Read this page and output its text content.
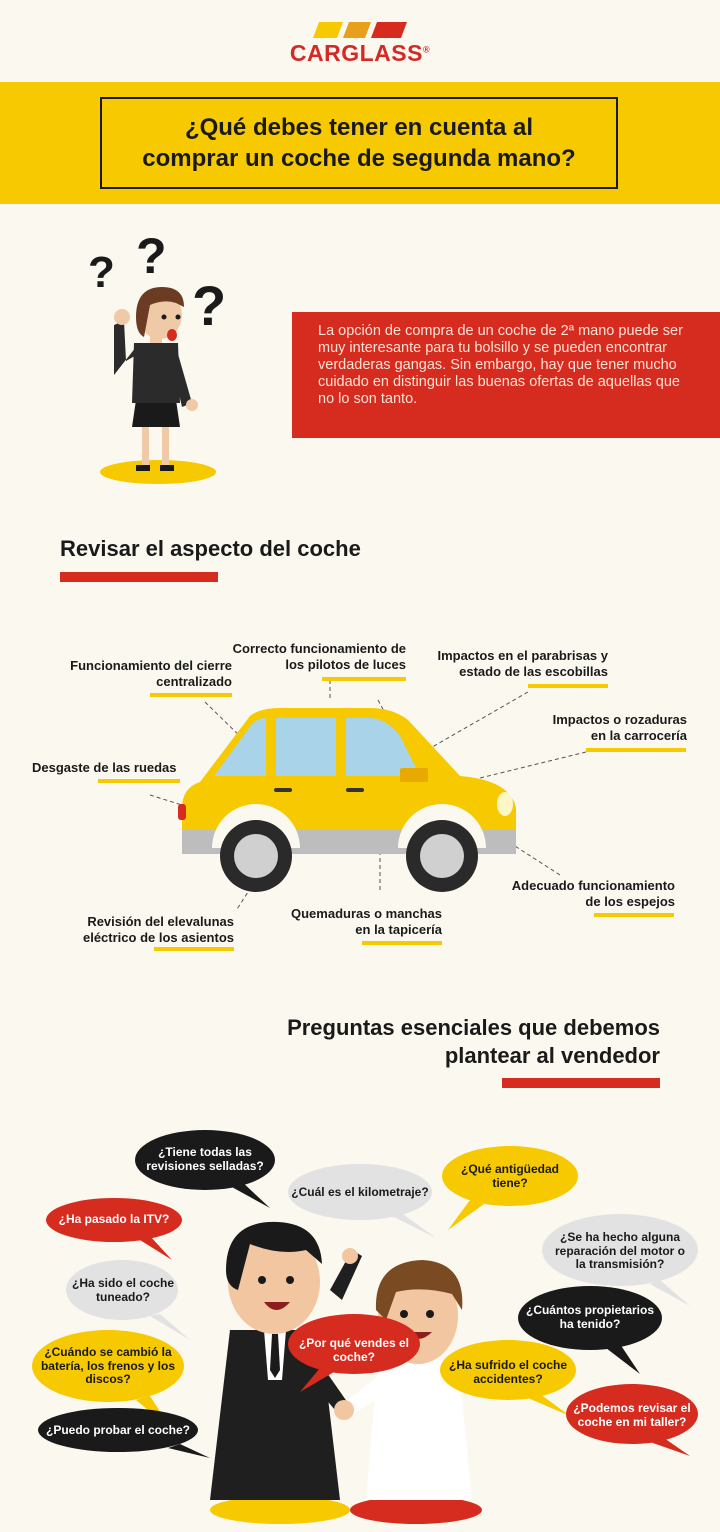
CARGLASS®
¿Qué debes tener en cuenta al
comprar un coche de segunda mano?
? ?
?	La opción de compra de un coche de 2ª mano puede ser muy interesante para tu bolsillo y se pueden encontrar verdaderas gangas. Sin embargo, hay que tener mucho cuidado en distinguir las buenas ofertas de aquellas que no lo son tanto.
Revisar el aspecto del coche
Funcionamiento del cierre
centralizado
Correcto funcionamiento de
los pilotos de luces
Impactos en el parabrisas y
estado de las escobillas
Impactos o rozaduras
en la carrocería
Desgaste de las ruedas
Adecuado funcionamiento
de los espejos
Quemaduras o manchas
en la tapicería
Revisión del elevalunas
eléctrico de los asientos
Preguntas esenciales que debemos
plantear al vendedor
¿Tiene todas las
revisiones selladas?
¿Cuál es el kilometraje?
¿Qué antigüedad
tiene?
¿Ha pasado la ITV?
¿Se ha hecho alguna
reparación del motor o
la transmisión?
¿Ha sido el coche
tuneado?
¿Cuántos propietarios
ha tenido?
¿Cuándo se cambió la
batería, los frenos y los
discos?
¿Por qué vendes el
coche?
¿Ha sufrido el coche
accidentes?
¿Podemos revisar el
coche en mi taller?
¿Puedo probar el coche?
